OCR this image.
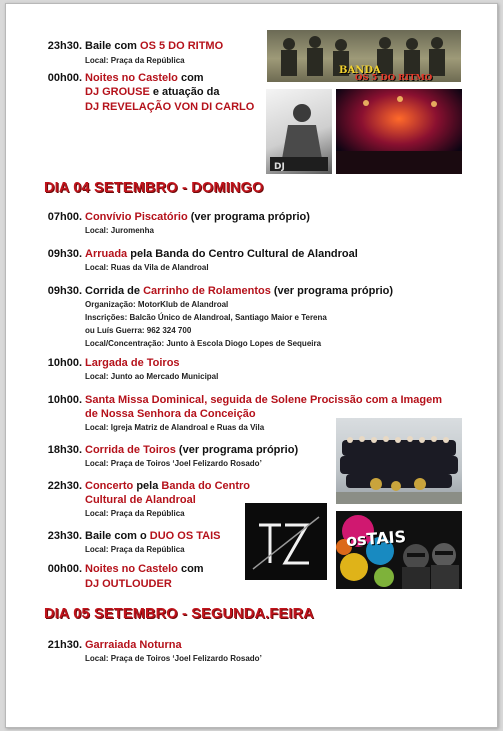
23h30. Baile com OS 5 DO RITMO
Local: Praça da República
00h00. Noites no Castelo com
DJ GROUSE e atuação da
DJ REVELAÇÃO VON DI CARLO
BANDA
OS 5 DO RITMO
DJ
DIA 04 SETEMBRO - DOMINGO
07h00. Convívio Piscatório (ver programa próprio)
Local: Juromenha
09h30. Arruada pela Banda do Centro Cultural de Alandroal
Local: Ruas da Vila de Alandroal
09h30. Corrida de Carrinho de Rolamentos (ver programa próprio)
Organização: MotorKlub de Alandroal
Inscrições: Balcão Único de Alandroal, Santiago Maior e Terena
ou Luís Guerra: 962 324 700
Local/Concentração: Junto à Escola Diogo Lopes de Sequeira
10h00. Largada de Toiros
Local: Junto ao Mercado Municipal
10h00. Santa Missa Dominical, seguida de Solene Procissão com a Imagem
de Nossa Senhora da Conceição
Local: Igreja Matriz de Alandroal e Ruas da Vila
18h30. Corrida de Toiros (ver programa próprio)
Local: Praça de Toiros ‘Joel Felizardo Rosado’
22h30. Concerto pela Banda do Centro
Cultural de Alandroal
Local: Praça da República
23h30. Baile com o DUO OS TAIS
Local: Praça da República
00h00. Noites no Castelo com
DJ OUTLOUDER
osTAIS
DIA 05 SETEMBRO - SEGUNDA.FEIRA
21h30. Garraiada Noturna
Local: Praça de Toiros ‘Joel Felizardo Rosado’
